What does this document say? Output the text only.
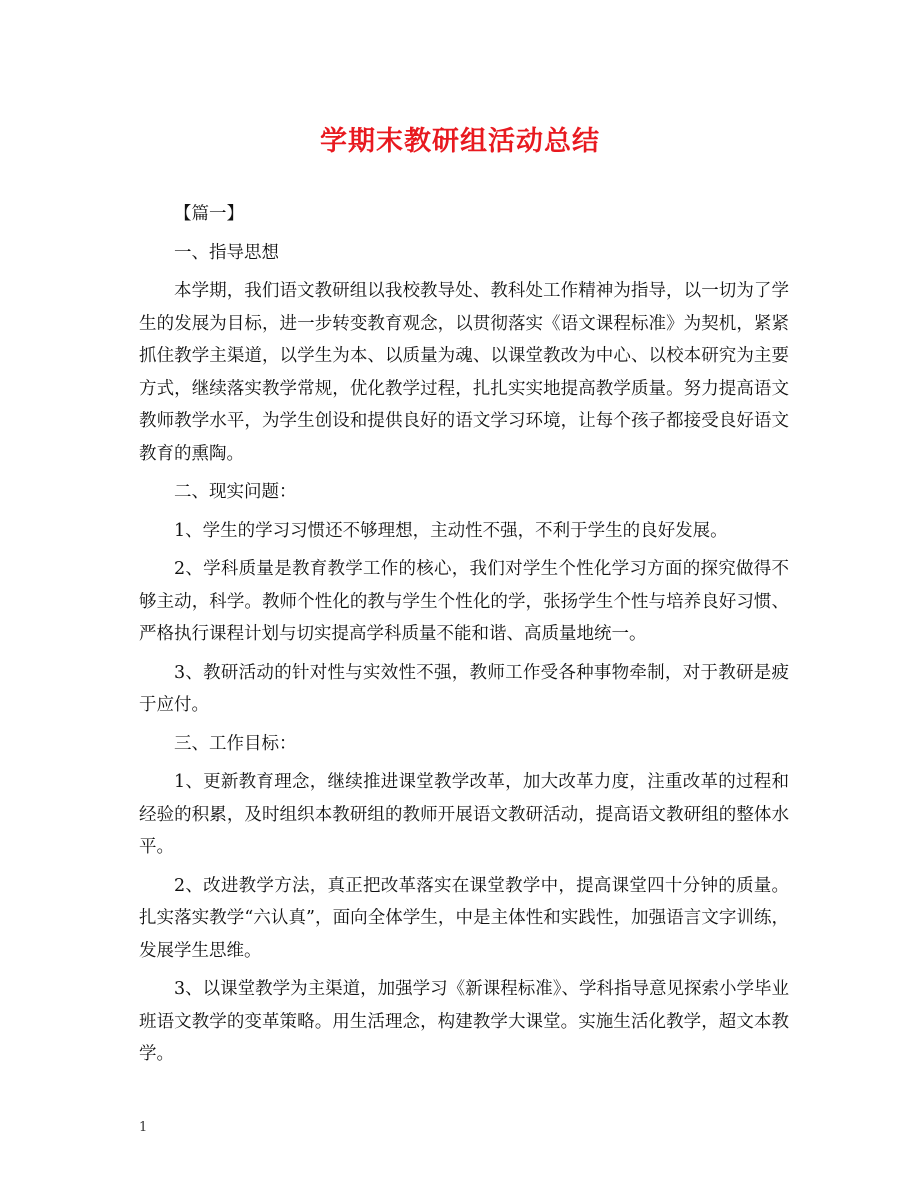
学期末教研组活动总结

【篇一】

一、指导思想

本学期，我们语文教研组以我校教导处、教科处工作精神为指导，以一切为了学生的发展为目标，进一步转变教育观念，以贯彻落实《语文课程标准》为契机，紧紧抓住教学主渠道，以学生为本、以质量为魂、以课堂教改为中心、以校本研究为主要方式，继续落实教学常规，优化教学过程，扎扎实实地提高教学质量。努力提高语文教师教学水平，为学生创设和提供良好的语文学习环境，让每个孩子都接受良好语文教育的熏陶。

二、现实问题：

1、学生的学习习惯还不够理想，主动性不强，不利于学生的良好发展。

2、学科质量是教育教学工作的核心，我们对学生个性化学习方面的探究做得不够主动，科学。教师个性化的教与学生个性化的学，张扬学生个性与培养良好习惯、严格执行课程计划与切实提高学科质量不能和谐、高质量地统一。

3、教研活动的针对性与实效性不强，教师工作受各种事物牵制，对于教研是疲于应付。

三、工作目标：

1、更新教育理念，继续推进课堂教学改革，加大改革力度，注重改革的过程和经验的积累，及时组织本教研组的教师开展语文教研活动，提高语文教研组的整体水平。

2、改进教学方法，真正把改革落实在课堂教学中，提高课堂四十分钟的质量。扎实落实教学“六认真”，面向全体学生，中是主体性和实践性，加强语言文字训练，发展学生思维。

3、以课堂教学为主渠道，加强学习《新课程标准》、学科指导意见探索小学毕业班语文教学的变革策略。用生活理念，构建教学大课堂。实施生活化教学，超文本教学。

1
